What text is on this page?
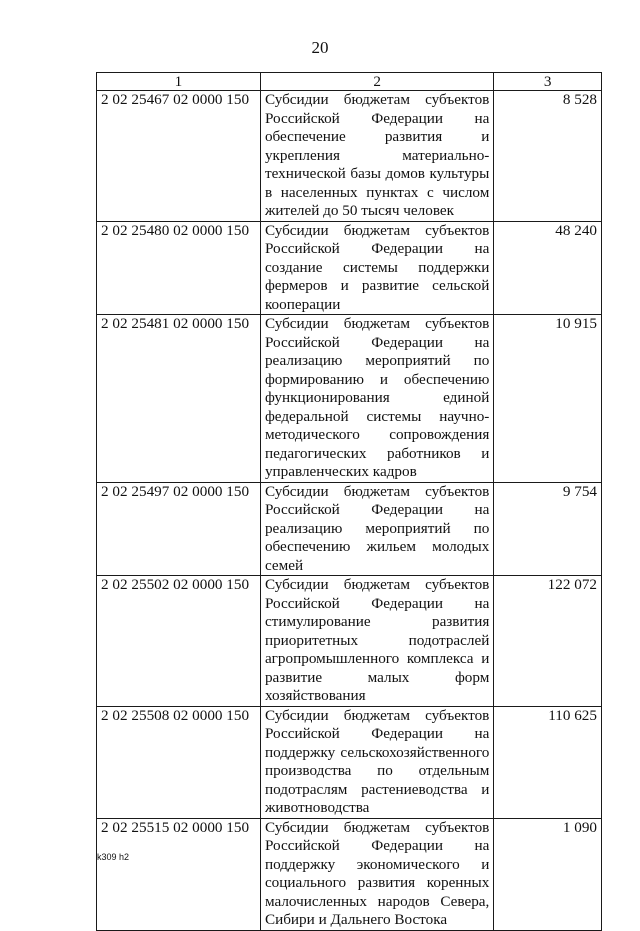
20
1	2	3
2 02 25467 02 0000 150	Субсидии бюджетам субъектов Российской Федерации на обеспечение развития и укрепления материально-технической базы домов культуры в населенных пунктах с числом жителей до 50 тысяч человек	8 528
2 02 25480 02 0000 150	Субсидии бюджетам субъектов Российской Федерации на создание системы поддержки фермеров и развитие сельской кооперации	48 240
2 02 25481 02 0000 150	Субсидии бюджетам субъектов Российской Федерации на реализацию мероприятий по формированию и обеспечению функционирования единой федеральной системы научно-методического сопровождения педагогических работников и управленческих кадров	10 915
2 02 25497 02 0000 150	Субсидии бюджетам субъектов Российской Федерации на реализацию мероприятий по обеспечению жильем молодых семей	9 754
2 02 25502 02 0000 150	Субсидии бюджетам субъектов Российской Федерации на стимулирование развития приоритетных подотраслей агропромышленного комплекса и развитие малых форм хозяйствования	122 072
2 02 25508 02 0000 150	Субсидии бюджетам субъектов Российской Федерации на поддержку сельскохозяйственного производства по отдельным подотраслям растениеводства и животноводства	110 625
2 02 25515 02 0000 150	Субсидии бюджетам субъектов Российской Федерации на поддержку экономического и социального развития коренных малочисленных народов Севера, Сибири и Дальнего Востока	1 090
k309 h2
